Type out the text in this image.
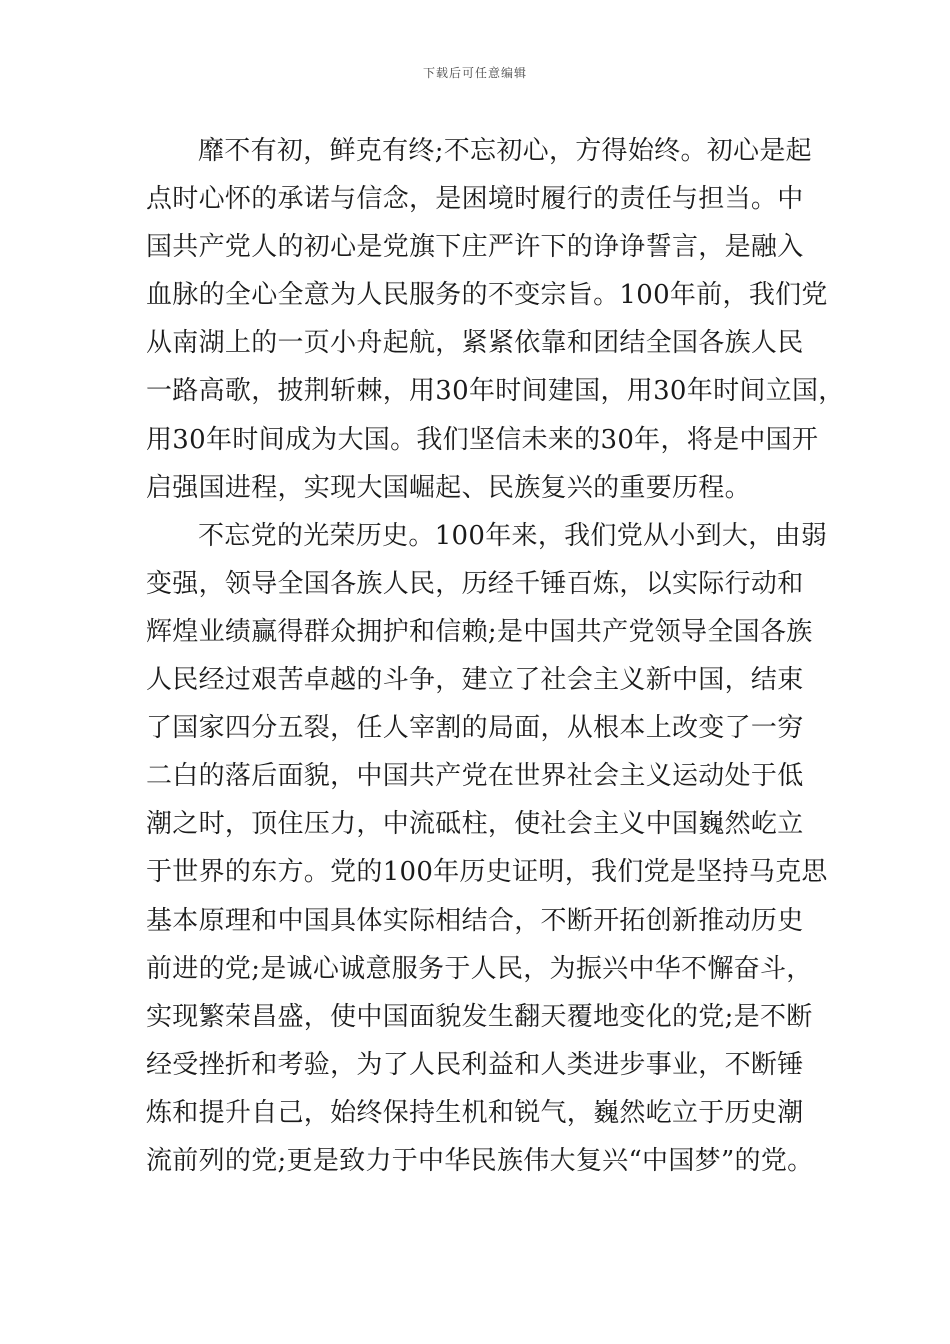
下载后可任意编辑
靡不有初，鲜克有终;不忘初心，方得始终。初心是起
点时心怀的承诺与信念，是困境时履行的责任与担当。中
国共产党人的初心是党旗下庄严许下的诤诤誓言，是融入
血脉的全心全意为人民服务的不变宗旨。100年前，我们党
从南湖上的一页小舟起航，紧紧依靠和团结全国各族人民
一路高歌，披荆斩棘，用30年时间建国，用30年时间立国，
用30年时间成为大国。我们坚信未来的30年，将是中国开
启强国进程，实现大国崛起、民族复兴的重要历程。
不忘党的光荣历史。100年来，我们党从小到大，由弱
变强，领导全国各族人民，历经千锤百炼，以实际行动和
辉煌业绩赢得群众拥护和信赖;是中国共产党领导全国各族
人民经过艰苦卓越的斗争，建立了社会主义新中国，结束
了国家四分五裂，任人宰割的局面，从根本上改变了一穷
二白的落后面貌，中国共产党在世界社会主义运动处于低
潮之时，顶住压力，中流砥柱，使社会主义中国巍然屹立
于世界的东方。党的100年历史证明，我们党是坚持马克思
基本原理和中国具体实际相结合，不断开拓创新推动历史
前进的党;是诚心诚意服务于人民，为振兴中华不懈奋斗，
实现繁荣昌盛，使中国面貌发生翻天覆地变化的党;是不断
经受挫折和考验，为了人民利益和人类进步事业，不断锤
炼和提升自己，始终保持生机和锐气，巍然屹立于历史潮
流前列的党;更是致力于中华民族伟大复兴“中国梦”的党。
